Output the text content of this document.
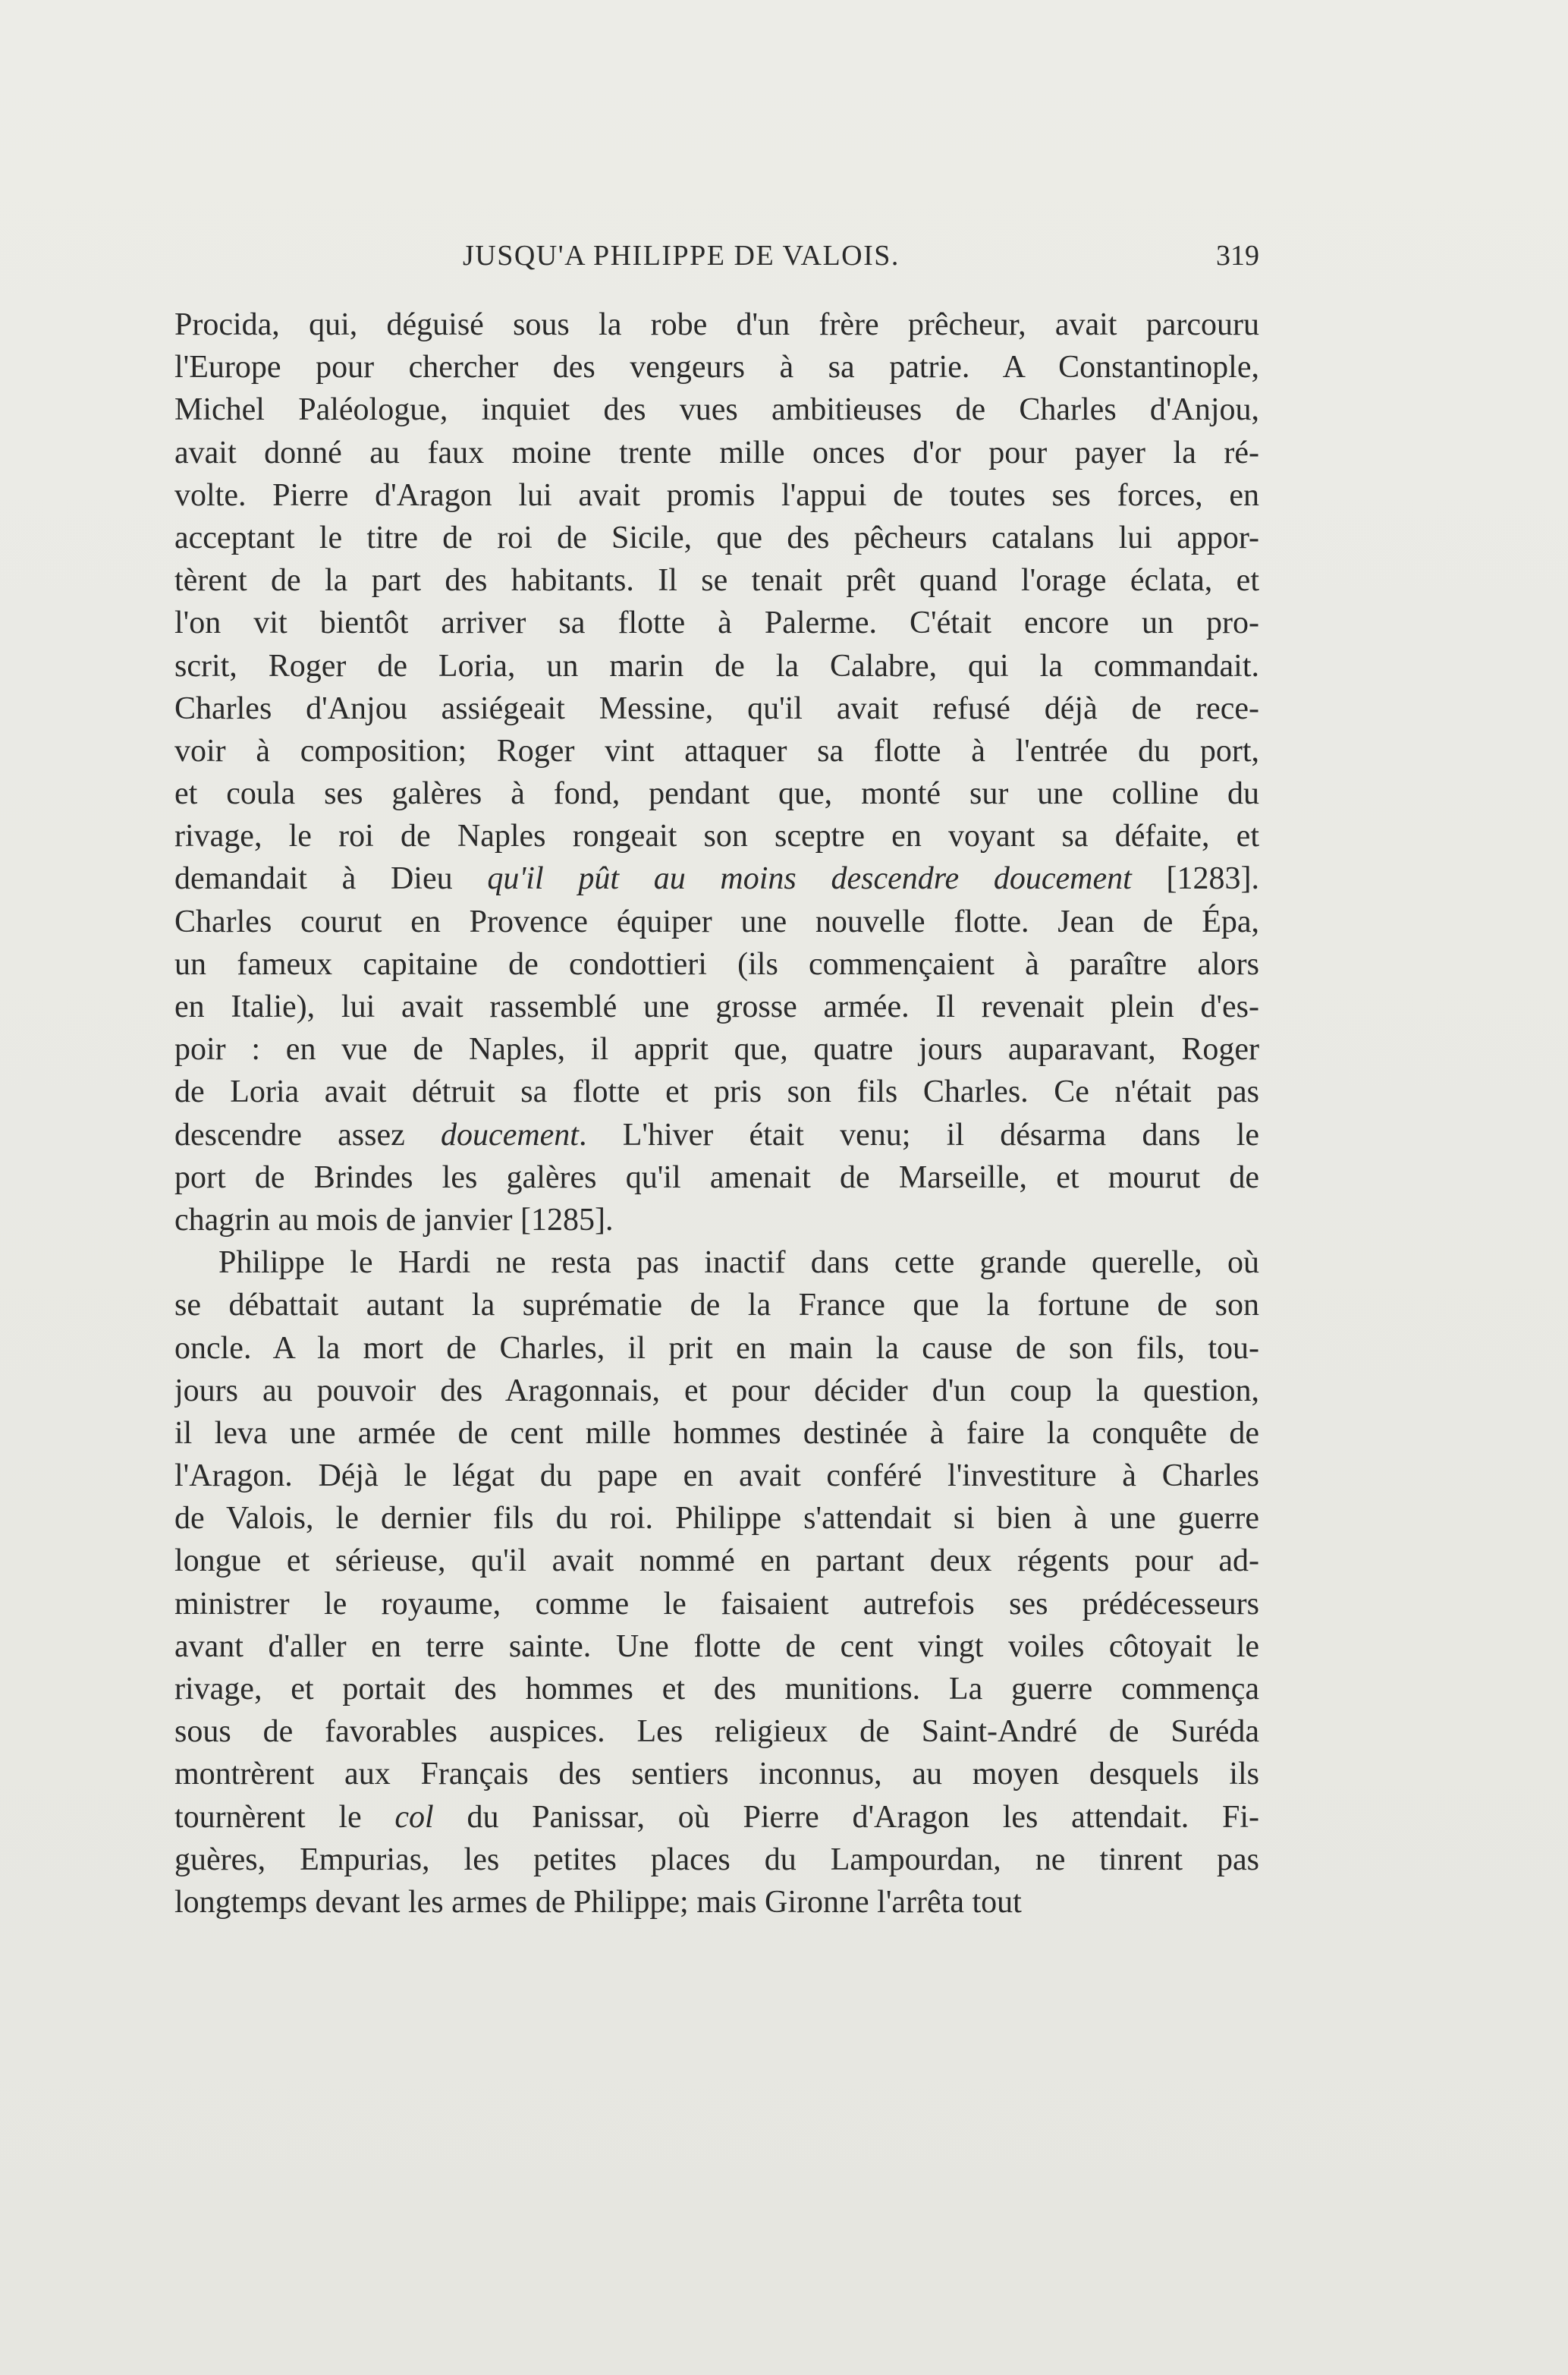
JUSQU'A PHILIPPE DE VALOIS.	319
Procida, qui, déguisé sous la robe d'un frère prêcheur, avait parcouru
l'Europe pour chercher des vengeurs à sa patrie. A Constantinople,
Michel Paléologue, inquiet des vues ambitieuses de Charles d'Anjou,
avait donné au faux moine trente mille onces d'or pour payer la ré-
volte. Pierre d'Aragon lui avait promis l'appui de toutes ses forces, en
acceptant le titre de roi de Sicile, que des pêcheurs catalans lui appor-
tèrent de la part des habitants. Il se tenait prêt quand l'orage éclata, et
l'on vit bientôt arriver sa flotte à Palerme. C'était encore un pro-
scrit, Roger de Loria, un marin de la Calabre, qui la commandait.
Charles d'Anjou assiégeait Messine, qu'il avait refusé déjà de rece-
voir à composition; Roger vint attaquer sa flotte à l'entrée du port,
et coula ses galères à fond, pendant que, monté sur une colline du
rivage, le roi de Naples rongeait son sceptre en voyant sa défaite, et
demandait à Dieu qu'il pût au moins descendre doucement [1283].
Charles courut en Provence équiper une nouvelle flotte. Jean de Épa,
un fameux capitaine de condottieri (ils commençaient à paraître alors
en Italie), lui avait rassemblé une grosse armée. Il revenait plein d'es-
poir : en vue de Naples, il apprit que, quatre jours auparavant, Roger
de Loria avait détruit sa flotte et pris son fils Charles. Ce n'était pas
descendre assez doucement. L'hiver était venu; il désarma dans le
port de Brindes les galères qu'il amenait de Marseille, et mourut de
chagrin au mois de janvier [1285].
Philippe le Hardi ne resta pas inactif dans cette grande querelle, où
se débattait autant la suprématie de la France que la fortune de son
oncle. A la mort de Charles, il prit en main la cause de son fils, tou-
jours au pouvoir des Aragonnais, et pour décider d'un coup la question,
il leva une armée de cent mille hommes destinée à faire la conquête de
l'Aragon. Déjà le légat du pape en avait conféré l'investiture à Charles
de Valois, le dernier fils du roi. Philippe s'attendait si bien à une guerre
longue et sérieuse, qu'il avait nommé en partant deux régents pour ad-
ministrer le royaume, comme le faisaient autrefois ses prédécesseurs
avant d'aller en terre sainte. Une flotte de cent vingt voiles côtoyait le
rivage, et portait des hommes et des munitions. La guerre commença
sous de favorables auspices. Les religieux de Saint-André de Suréda
montrèrent aux Français des sentiers inconnus, au moyen desquels ils
tournèrent le col du Panissar, où Pierre d'Aragon les attendait. Fi-
guères, Empurias, les petites places du Lampourdan, ne tinrent pas
longtemps devant les armes de Philippe; mais Gironne l'arrêta tout
